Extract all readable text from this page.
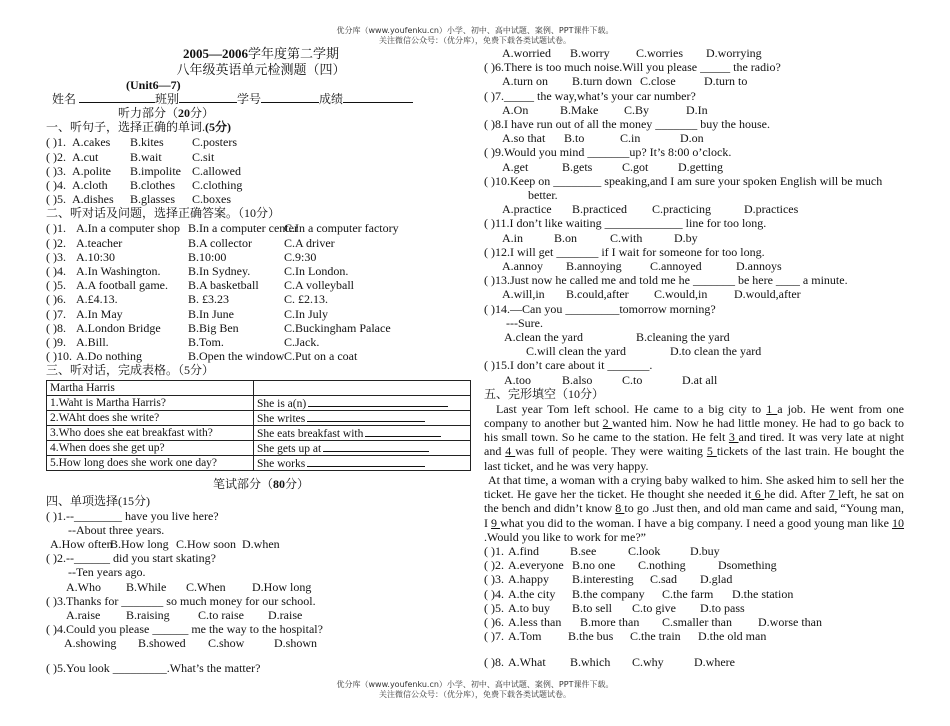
优分库（www.youfenku.cn）小学、初中、高中试题、案例、PPT课件下载。
关注微信公众号：（优分库），免费下载各类试题试卷。
2005—2006学年度第二学期
八年级英语单元检测题（四）
(Unit6—7)
姓名	班别	学号	成绩
听力部分（20分）
一、听句子，选择正确的单词.(5分)
( )1. A.cakes B.kites C.posters
( )2. A.cut	B.wait	C.sit
( )3. A.polite B.impolite C.allowed
( )4. A.cloth B.clothes C.clothing
( )5. A.dishes B.glasses C.boxes
二、听对话及问题，选择正确答案。（10分）
( )1. A.In a computer shop B.In a computer centerC.In a computer factory
( )2. A.teacher	B.A collector	C.A driver
( )3. A.10:30	B.10:00	C.9:30
( )4. A.In Washington. B.In Sydney.	C.In London.
( )5. A.A football game. B.A basketball C.A volleyball
( )6. A.£4.13.	B. £3.23	C. £2.13.
( )7. A.In May	B.In June	C.In July
( )8. A.London Bridge B.Big Ben	C.Buckingham Palace
( )9. A.Bill.	B.Tom.	C.Jack.
( )10. A.Do nothing	B.Open the windowC.Put on a coat
三、听对话，完成表格。（5分）
Martha Harris	
1.Waht is Martha Harris?	She is a(n)
2.WAht does she write?	She writes
3.Who does she eat breakfast with?	She eats breakfast with
4.When does she get up?	She gets up at
5.How long does she work one day?	She works
笔试部分（80分）
四、单项选择(15分)
( )1.--________ have you live here?
--About three years.
A.How oftenB.How long C.How soon D.when
( )2.--______ did you start skating?
--Ten years ago.
A.Who B.While C.When D.How long
( )3.Thanks for _______ so much money for our school.
A.raise B.raising C.to raise D.raise
( )4.Could you please ______ me the way to the hospital?
A.showing B.showed C.show D.shown
( )5.You look _________.What’s the matter?
A.worried B.worry C.worries D.worrying
( )6.There is too much noise.Will you please _____ the radio?
A.turn on B.turn down C.close D.turn to
( )7._____ the way,what’s your car number?
A.On	B.Make C.By	D.In
( )8.I have run out of all the money _______ buy the house.
A.so that B.to	C.in	D.on
( )9.Would you mind _______up? It’s 8:00 o’clock.
A.get	B.gets C.got D.getting
( )10.Keep on ________ speaking,and I am sure your spoken English will be much
better.
A.practice B.practiced C.practicing	D.practices
( )11.I don’t like waiting _____________ line for too long.
A.in	B.on	C.with	D.by
( )12.I will get _______ if I wait for someone for too long.
A.annoy B.annoying C.annoyed	D.annoys
( )13.Just now he called me and told me he _______ be here ____ a minute.
A.will,in B.could,after C.would,in D.would,after
( )14.—Can you _________tomorrow morning?
---Sure.
A.clean the yard	B.cleaning the yard
C.will clean the yard	D.to clean the yard
( )15.I don’t care about it _______.
A.too	B.also C.to	D.at all
五、完形填空（10分）
Last year Tom left school. He came to a big city to 1 a job. He went from one company to another but 2 wanted him. Now he had little money. He had to go back to his small town. So he came to the station. He felt 3 and tired. It was very late at night and 4 was full of people. They were waiting 5 tickets of the last train. He bought the last ticket, and he was very happy.
At that time, a woman with a crying baby walked to him. She asked him to sell her the ticket. He gave her the ticket. He thought she needed it 6 he did. After 7 left, he sat on the bench and didn’t know 8 to go .Just then, and old man came and said, “Young man, I 9 what you did to the woman. I have a big company. I need a good young man like 10 .Would you like to work for me?”
( )1. A.find	B.see	C.look D.buy
( )2. A.everyone B.no one C.nothing	Dsomething
( )3. A.happy B.interesting C.sad D.glad
( )4. A.the city B.the company C.the farm D.the station
( )5. A.to buy B.to sell C.to give D.to pass
( )6. A.less than B.more than C.smaller than D.worse than
( )7. A.Tom B.the bus C.the train D.the old man
( )8. A.What B.which C.why	D.where
优分库（www.youfenku.cn）小学、初中、高中试题、案例、PPT课件下载。
关注微信公众号：（优分库），免费下载各类试题试卷。
